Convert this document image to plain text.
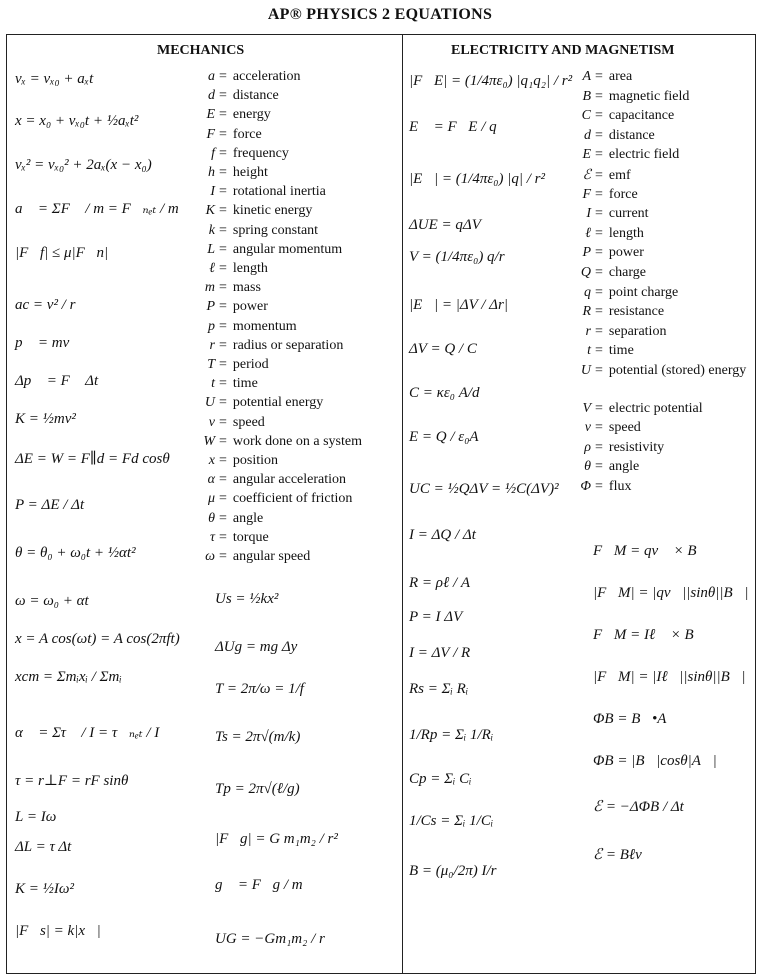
AP® PHYSICS 2 EQUATIONS
MECHANICS
vₓ = vₓ₀ + aₓt
x = x₀ + vₓ₀t + ½aₓt²
vₓ² = vₓ₀² + 2aₓ(x − x₀)
a⃗ = ΣF⃗ / m = F⃗ₙₑₜ / m
|F⃗f| ≤ μ|F⃗n|
ac = v² / r
p⃗ = mv⃗
Δp⃗ = F⃗ Δt
K = ½mv²
ΔE = W = F∥d = Fd cosθ
P = ΔE / Δt
θ = θ₀ + ω₀t + ½αt²
ω = ω₀ + αt
x = A cos(ωt) = A cos(2πft)
xcm = Σmᵢxᵢ / Σmᵢ
α⃗ = Στ⃗ / I = τ⃗ₙₑₜ / I
τ = r⊥F = rF sinθ
L = Iω
ΔL = τ Δt
K = ½Iω²
|F⃗s| = k|x⃗|
a = acceleration
d = distance
E = energy
F = force
f = frequency
h = height
I = rotational inertia
K = kinetic energy
k = spring constant
L = angular momentum
ℓ = length
m = mass
P = power
p = momentum
r = radius or separation
T = period
t = time
U = potential energy
v = speed
W = work done on a system
x = position
α = angular acceleration
μ = coefficient of friction
θ = angle
τ = torque
ω = angular speed
Us = ½kx²
ΔUg = mg Δy
T = 2π/ω = 1/f
Ts = 2π√(m/k)
Tp = 2π√(ℓ/g)
|F⃗g| = G m₁m₂ / r²
g⃗ = F⃗g / m
UG = −Gm₁m₂ / r
ELECTRICITY AND MAGNETISM
|F⃗E| = (1/4πε₀) |q₁q₂| / r²
E⃗ = F⃗E / q
|E⃗| = (1/4πε₀) |q| / r²
ΔUE = qΔV
V = (1/4πε₀) q/r
|E⃗| = |ΔV / Δr|
ΔV = Q / C
C = κε₀ A/d
E = Q / ε₀A
UC = ½QΔV = ½C(ΔV)²
I = ΔQ / Δt
R = ρℓ / A
P = I ΔV
I = ΔV / R
Rs = Σᵢ Rᵢ
1/Rp = Σᵢ 1/Rᵢ
Cp = Σᵢ Cᵢ
1/Cs = Σᵢ 1/Cᵢ
B = (μ₀/2π) I/r
A = area
B = magnetic field
C = capacitance
d = distance
E = electric field
ℰ = emf
F = force
I = current
ℓ = length
P = power
Q = charge
q = point charge
R = resistance
r = separation
t = time
U = potential (stored) energy
V = electric potential
v = speed
ρ = resistivity
θ = angle
Φ = flux
F⃗M = qv⃗ × B⃗
|F⃗M| = |qv⃗||sinθ||B⃗|
F⃗M = Iℓ⃗ × B⃗
|F⃗M| = |Iℓ⃗||sinθ||B⃗|
ΦB = B⃗•A⃗
ΦB = |B⃗|cosθ|A⃗|
ℰ = −ΔΦB / Δt
ℰ = Bℓv
